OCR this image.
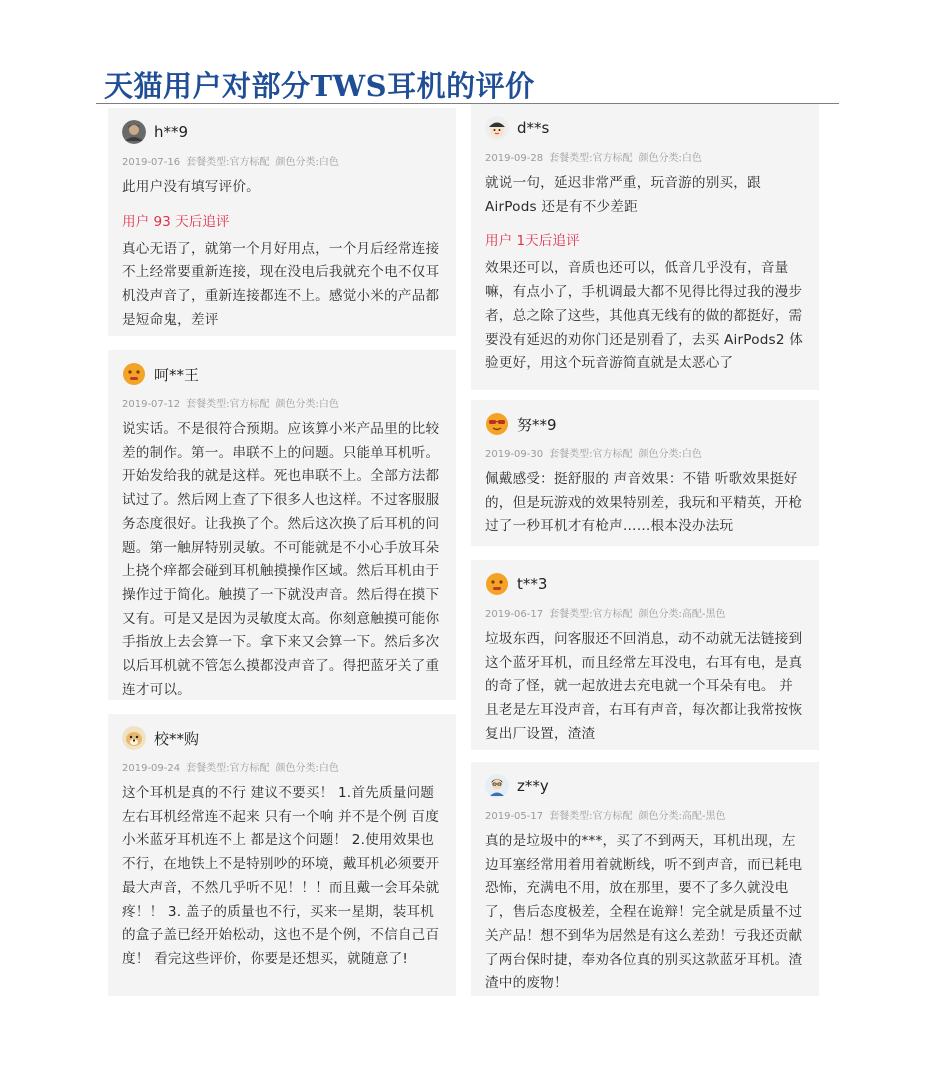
天猫用户对部分TWS耳机的评价
h**9
2019-07-16 套餐类型:官方标配 颜色分类:白色
此用户没有填写评价。
用户 93 天后追评
真心无语了，就第一个月好用点，一个月后经常连接不上经常要重新连接，现在没电后我就充个电不仅耳机没声音了，重新连接都连不上。感觉小米的产品都是短命鬼，差评
呵**王
2019-07-12 套餐类型:官方标配 颜色分类:白色
说实话。不是很符合预期。应该算小米产品里的比较差的制作。第一。串联不上的问题。只能单耳机听。开始发给我的就是这样。死也串联不上。全部方法都试过了。然后网上查了下很多人也这样。不过客服服务态度很好。让我换了个。然后这次换了后耳机的问题。第一触屏特别灵敏。不可能就是不小心手放耳朵上挠个痒都会碰到耳机触摸操作区域。然后耳机由于操作过于简化。触摸了一下就没声音。然后得在摸下又有。可是又是因为灵敏度太高。你刻意触摸可能你手指放上去会算一下。拿下来又会算一下。然后多次以后耳机就不管怎么摸都没声音了。得把蓝牙关了重连才可以。
校**购
2019-09-24 套餐类型:官方标配 颜色分类:白色
这个耳机是真的不行 建议不要买！ 1.首先质量问题 左右耳机经常连不起来 只有一个响 并不是个例 百度小米蓝牙耳机连不上 都是这个问题！ 2.使用效果也不行，在地铁上不是特别吵的环境，戴耳机必须要开最大声音，不然几乎听不见！！！而且戴一会耳朵就疼！！ 3. 盖子的质量也不行，买来一星期，装耳机的盒子盖已经开始松动，这也不是个例，不信自己百度！ 看完这些评价，你要是还想买，就随意了!
d**s
2019-09-28 套餐类型:官方标配 颜色分类:白色
就说一句，延迟非常严重，玩音游的别买，跟 AirPods 还是有不少差距
用户 1天后追评
效果还可以，音质也还可以，低音几乎没有，音量嘛，有点小了，手机调最大都不见得比得过我的漫步者，总之除了这些，其他真无线有的做的都挺好，需要没有延迟的劝你门还是别看了，去买 AirPods2 体验更好，用这个玩音游简直就是太恶心了
努**9
2019-09-30 套餐类型:官方标配 颜色分类:白色
佩戴感受：挺舒服的 声音效果：不错 听歌效果挺好的，但是玩游戏的效果特别差，我玩和平精英，开枪过了一秒耳机才有枪声……根本没办法玩
t**3
2019-06-17 套餐类型:官方标配 颜色分类:高配-黑色
垃圾东西，问客服还不回消息，动不动就无法链接到这个蓝牙耳机，而且经常左耳没电，右耳有电，是真的奇了怪，就一起放进去充电就一个耳朵有电。 并且老是左耳没声音，右耳有声音，每次都让我常按恢复出厂设置，渣渣
z**y
2019-05-17 套餐类型:官方标配 颜色分类:高配-黑色
真的是垃圾中的***，买了不到两天，耳机出现，左边耳塞经常用着用着就断线，听不到声音，而已耗电恐怖，充满电不用，放在那里，要不了多久就没电了，售后态度极差，全程在诡辩！完全就是质量不过关产品！想不到华为居然是有这么差劲！亏我还贡献了两台保时捷，奉劝各位真的别买这款蓝牙耳机。渣渣中的废物！
